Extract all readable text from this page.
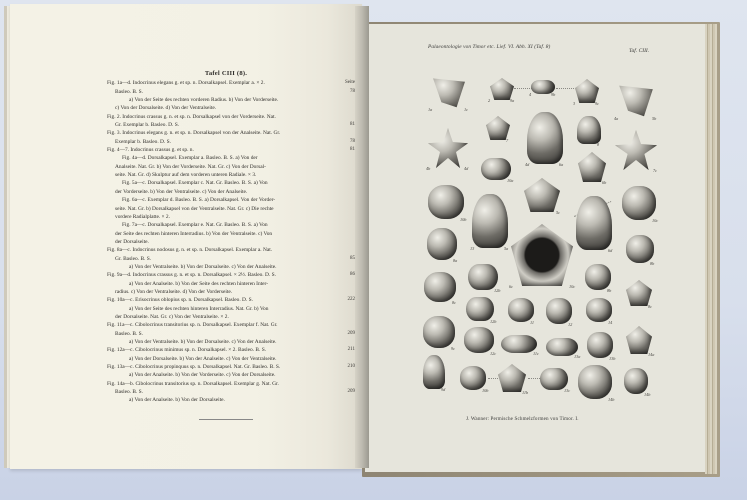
Tafel CIII (8).
Fig. 1a—d. Indocrinus elegans g. et sp. n. Dorsalkapsel. Exemplar a. × 2.	Seite
Basleo. B. S.	78
a) Von der Seite des rechten vorderen Radius. b) Von der Vorderseite.
c) Von der Dorsalseite. d) Von der Ventralseite.
Fig. 2. Indocrinus crassus g. n. et sp. n. Dorsalkapsel von der Vorderseite. Nat.
Gr. Exemplar b. Basleo. D. S.	81
Fig. 3. Indocrinus elegans g. n. et sp. n. Dorsalkapsel von der Analseite. Nat. Gr.
Exemplar b. Basleo. D. S.	78
Fig. 4—7. Indocrinus crassus g. et sp. n.	81
Fig. 4a—d. Dorsalkapsel. Exemplar a. Basleo. B. S. a) Von der
Analseite. Nat. Gr. b) Von der Vorderseite. Nat. Gr. c) Von der Dorsal-
seite. Nat. Gr. d) Skulptur auf dem vorderen unteren Radiale. × 3.
Fig. 5a—c. Dorsalkapsel. Exemplar c. Nat. Gr. Basleo. B. S. a) Von
der Vorderseite. b) Von der Ventralseite. c) Von der Analseite.
Fig. 6a—c. Exemplar d. Basleo. B. S. a) Dorsalkapsel. Von der Vorder-
seite. Nat. Gr. b) Dorsalkapsel von der Ventralseite. Nat. Gr. c) Die rechte
vordere Radialplatte. × 2.
Fig. 7a—c. Dorsalkapsel. Exemplar e. Nat. Gr. Basleo. B. S. a) Von
der Seite des rechten hinteren Interradius. b) Von der Ventralseite. c) Von
der Dorsalseite.
Fig. 8a—c. Indocrinus nodosus g. n. et sp. n. Dorsalkapsel. Exemplar a. Nat.
Gr. Basleo. B. S.	85
a) Von der Ventralseite. b) Von der Dorsalseite. c) Von der Analseite.
Fig. 9a—d. Indocrinus crassus g. n. et sp. n. Dorsalkapsel. × 2½. Basleo. D. S.	86
a) Von der Analseite. b) Von der Seite des rechten hinteren Inter-
radius. c) Von der Ventralseite. d) Von der Vorderseite.
Fig. 10a—c. Erisocrinus oblopius sp. n. Dorsalkapsel. Basleo. D. S.	222
a) Von der Seite des rechten hinteren Interradius. Nat. Gr. b) Von
der Dorsalseite. Nat. Gr. c) Von der Ventralseite. × 2.
Fig. 11a—c. Cibolocrinus transitorius sp. n. Dorsalkapsel. Exemplar f. Nat. Gr.
Basleo. B. S.	209
a) Von der Ventralseite. b) Von der Dorsalseite. c) Von der Analseite.
Fig. 12a—c. Cibolocrinus minimus sp. n. Dorsalkapsel. × 2. Basleo. B. S.	211
a) Von der Dorsalseite. b) Von der Analseite. c) Von der Ventralseite.
Fig. 13a—c. Cibolocrinus propinquus sp. n. Dorsalkapsel. Nat. Gr. Basleo. B. S.	210
a) Von der Analseite. b) Von der Vorderseite. c) Von der Dorsalseite.
Fig. 14a—b. Cibolocrinus transitorius sp. n. Dorsalkapsel. Exemplar g. Nat. Gr.
Basleo. B. S.	209
a) Von der Analseite. b) Von der Dorsalseite.
Palaeontologie von Timor etc. Lief. VI. Abh. XI (Taf. 8)
Taf. CIII.
1a	1c
2	9a
4	9b
3	9c
4a	5b
7
4d	6a
8
4b	4d	7c
10a	6b
10b
13	5a
5c
6d
10c
8a
6c	10c
8b
12b	8b
8c
8c
12b	11	12	14
9c
12c	11c
13a	13b
14a
9d	10b	11b	13c
14b
14b
J. Wanner: Permische Schmelzformen von Timor. I.
